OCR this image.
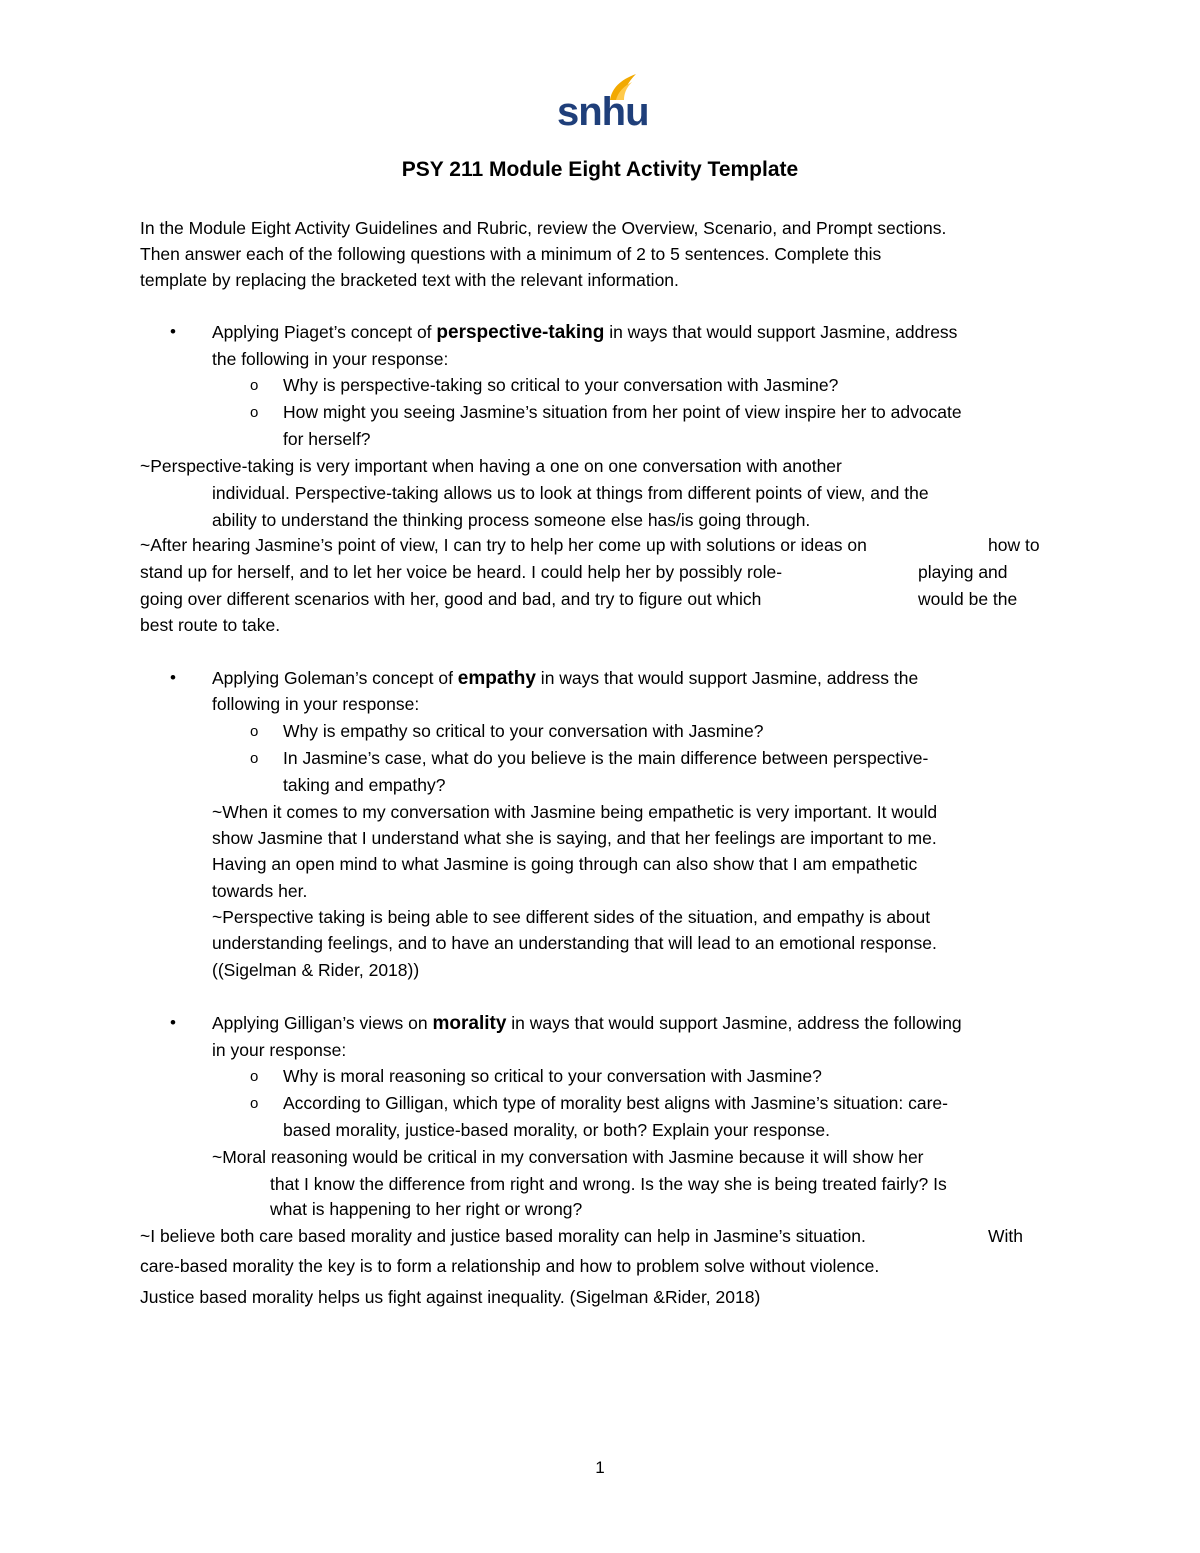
snhu
PSY 211 Module Eight Activity Template
In the Module Eight Activity Guidelines and Rubric, review the Overview, Scenario, and Prompt sections.
Then answer each of the following questions with a minimum of 2 to 5 sentences. Complete this
template by replacing the bracketed text with the relevant information.
• Applying Piaget’s concept of perspective-taking in ways that would support Jasmine, address
the following in your response:
o Why is perspective-taking so critical to your conversation with Jasmine?
o How might you seeing Jasmine’s situation from her point of view inspire her to advocate
for herself?
~Perspective-taking is very important when having a one on one conversation with another
individual. Perspective-taking allows us to look at things from different points of view, and the
ability to understand the thinking process someone else has/is going through.
~After hearing Jasmine’s point of view, I can try to help her come up with solutions or ideas on	how to
stand up for herself, and to let her voice be heard. I could help her by possibly role-	playing and
going over different scenarios with her, good and bad, and try to figure out which	would be the
best route to take.
• Applying Goleman’s concept of empathy in ways that would support Jasmine, address the
following in your response:
o Why is empathy so critical to your conversation with Jasmine?
o In Jasmine’s case, what do you believe is the main difference between perspective-
taking and empathy?
~When it comes to my conversation with Jasmine being empathetic is very important. It would
show Jasmine that I understand what she is saying, and that her feelings are important to me.
Having an open mind to what Jasmine is going through can also show that I am empathetic
towards her.
~Perspective taking is being able to see different sides of the situation, and empathy is about
understanding feelings, and to have an understanding that will lead to an emotional response.
((Sigelman & Rider, 2018))
• Applying Gilligan’s views on morality in ways that would support Jasmine, address the following
in your response:
o Why is moral reasoning so critical to your conversation with Jasmine?
o According to Gilligan, which type of morality best aligns with Jasmine’s situation: care-
based morality, justice-based morality, or both? Explain your response.
~Moral reasoning would be critical in my conversation with Jasmine because it will show her
that I know the difference from right and wrong. Is the way she is being treated fairly? Is
what is happening to her right or wrong?
~I believe both care based morality and justice based morality can help in Jasmine’s situation.	With
care-based morality the key is to form a relationship and how to problem solve without violence.
Justice based morality helps us fight against inequality. (Sigelman &Rider, 2018)
1
